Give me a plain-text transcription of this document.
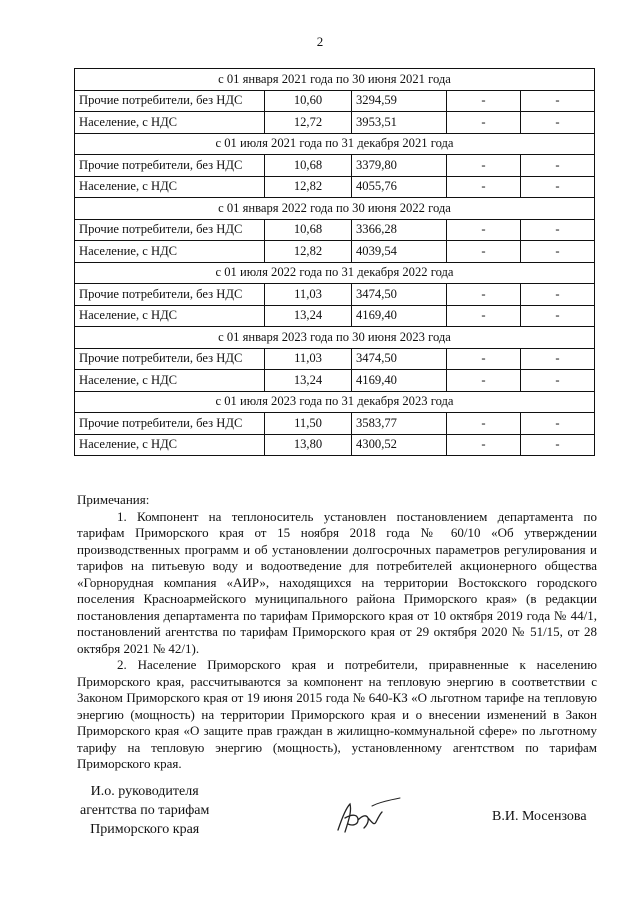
2
с 01 января 2021 года по 30 июня 2021 года				
Прочие потребители, без НДС	10,60	3294,59	-	-
Население, с НДС	12,72	3953,51	-	-
с 01 июля 2021 года по 31 декабря 2021 года				
Прочие потребители, без НДС	10,68	3379,80	-	-
Население, с НДС	12,82	4055,76	-	-
с 01 января 2022 года по 30 июня 2022 года				
Прочие потребители, без НДС	10,68	3366,28	-	-
Население, с НДС	12,82	4039,54	-	-
с 01 июля 2022 года по 31 декабря 2022 года				
Прочие потребители, без НДС	11,03	3474,50	-	-
Население, с НДС	13,24	4169,40	-	-
с 01 января 2023 года по 30 июня 2023 года				
Прочие потребители, без НДС	11,03	3474,50	-	-
Население, с НДС	13,24	4169,40	-	-
с 01 июля 2023 года по 31 декабря 2023 года				
Прочие потребители, без НДС	11,50	3583,77	-	-
Население, с НДС	13,80	4300,52	-	-

Примечания:

1. Компонент на теплоноситель установлен постановлением департамента по тарифам Приморского края от 15 ноября 2018 года № 60/10 «Об утверждении производственных программ и об установлении долгосрочных параметров регулирования и тарифов на питьевую воду и водоотведение для потребителей акционерного общества «Горнорудная компания «АИР», находящихся на территории Востокского городского поселения Красноармейского муниципального района Приморского края» (в редакции постановления департамента по тарифам Приморского края от 10 октября 2019 года № 44/1, постановлений агентства по тарифам Приморского края от 29 октября 2020 № 51/15, от 28 октября 2021 № 42/1).

2. Население Приморского края и потребители, приравненные к населению Приморского края, рассчитываются за компонент на тепловую энергию в соответствии с Законом Приморского края от 19 июня 2015 года № 640-КЗ «О льготном тарифе на тепловую энергию (мощность) на территории Приморского края и о внесении изменений в Закон Приморского края «О защите прав граждан в жилищно-коммунальной сфере» по льготному тарифу на тепловую энергию (мощность), установленному агентством по тарифам Приморского края.

И.о. руководителя
агентства по тарифам
Приморского края
В.И. Мосензова
